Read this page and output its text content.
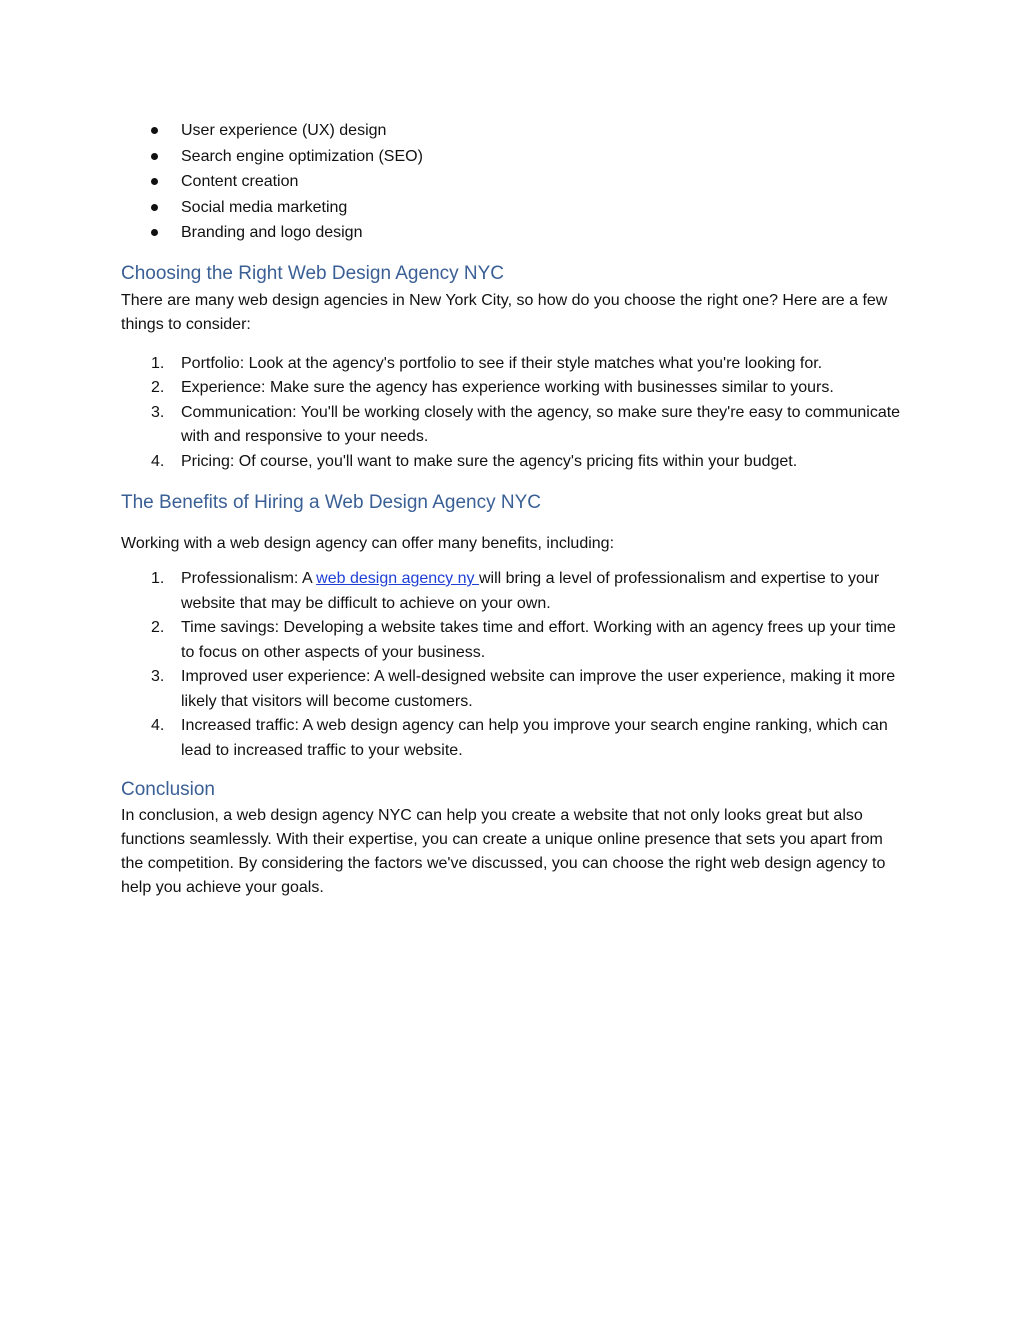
User experience (UX) design
Search engine optimization (SEO)
Content creation
Social media marketing
Branding and logo design
Choosing the Right Web Design Agency NYC

There are many web design agencies in New York City, so how do you choose the right one? Here are a few things to consider:

1. Portfolio: Look at the agency's portfolio to see if their style matches what you're looking for.
2. Experience: Make sure the agency has experience working with businesses similar to yours.
3. Communication: You'll be working closely with the agency, so make sure they're easy to communicate with and responsive to your needs.
4. Pricing: Of course, you'll want to make sure the agency's pricing fits within your budget.
The Benefits of Hiring a Web Design Agency NYC

Working with a web design agency can offer many benefits, including:

1. Professionalism: A web design agency ny will bring a level of professionalism and expertise to your website that may be difficult to achieve on your own.
2. Time savings: Developing a website takes time and effort. Working with an agency frees up your time to focus on other aspects of your business.
3. Improved user experience: A well-designed website can improve the user experience, making it more likely that visitors will become customers.
4. Increased traffic: A web design agency can help you improve your search engine ranking, which can lead to increased traffic to your website.
Conclusion

In conclusion, a web design agency NYC can help you create a website that not only looks great but also functions seamlessly. With their expertise, you can create a unique online presence that sets you apart from the competition. By considering the factors we've discussed, you can choose the right web design agency to help you achieve your goals.
